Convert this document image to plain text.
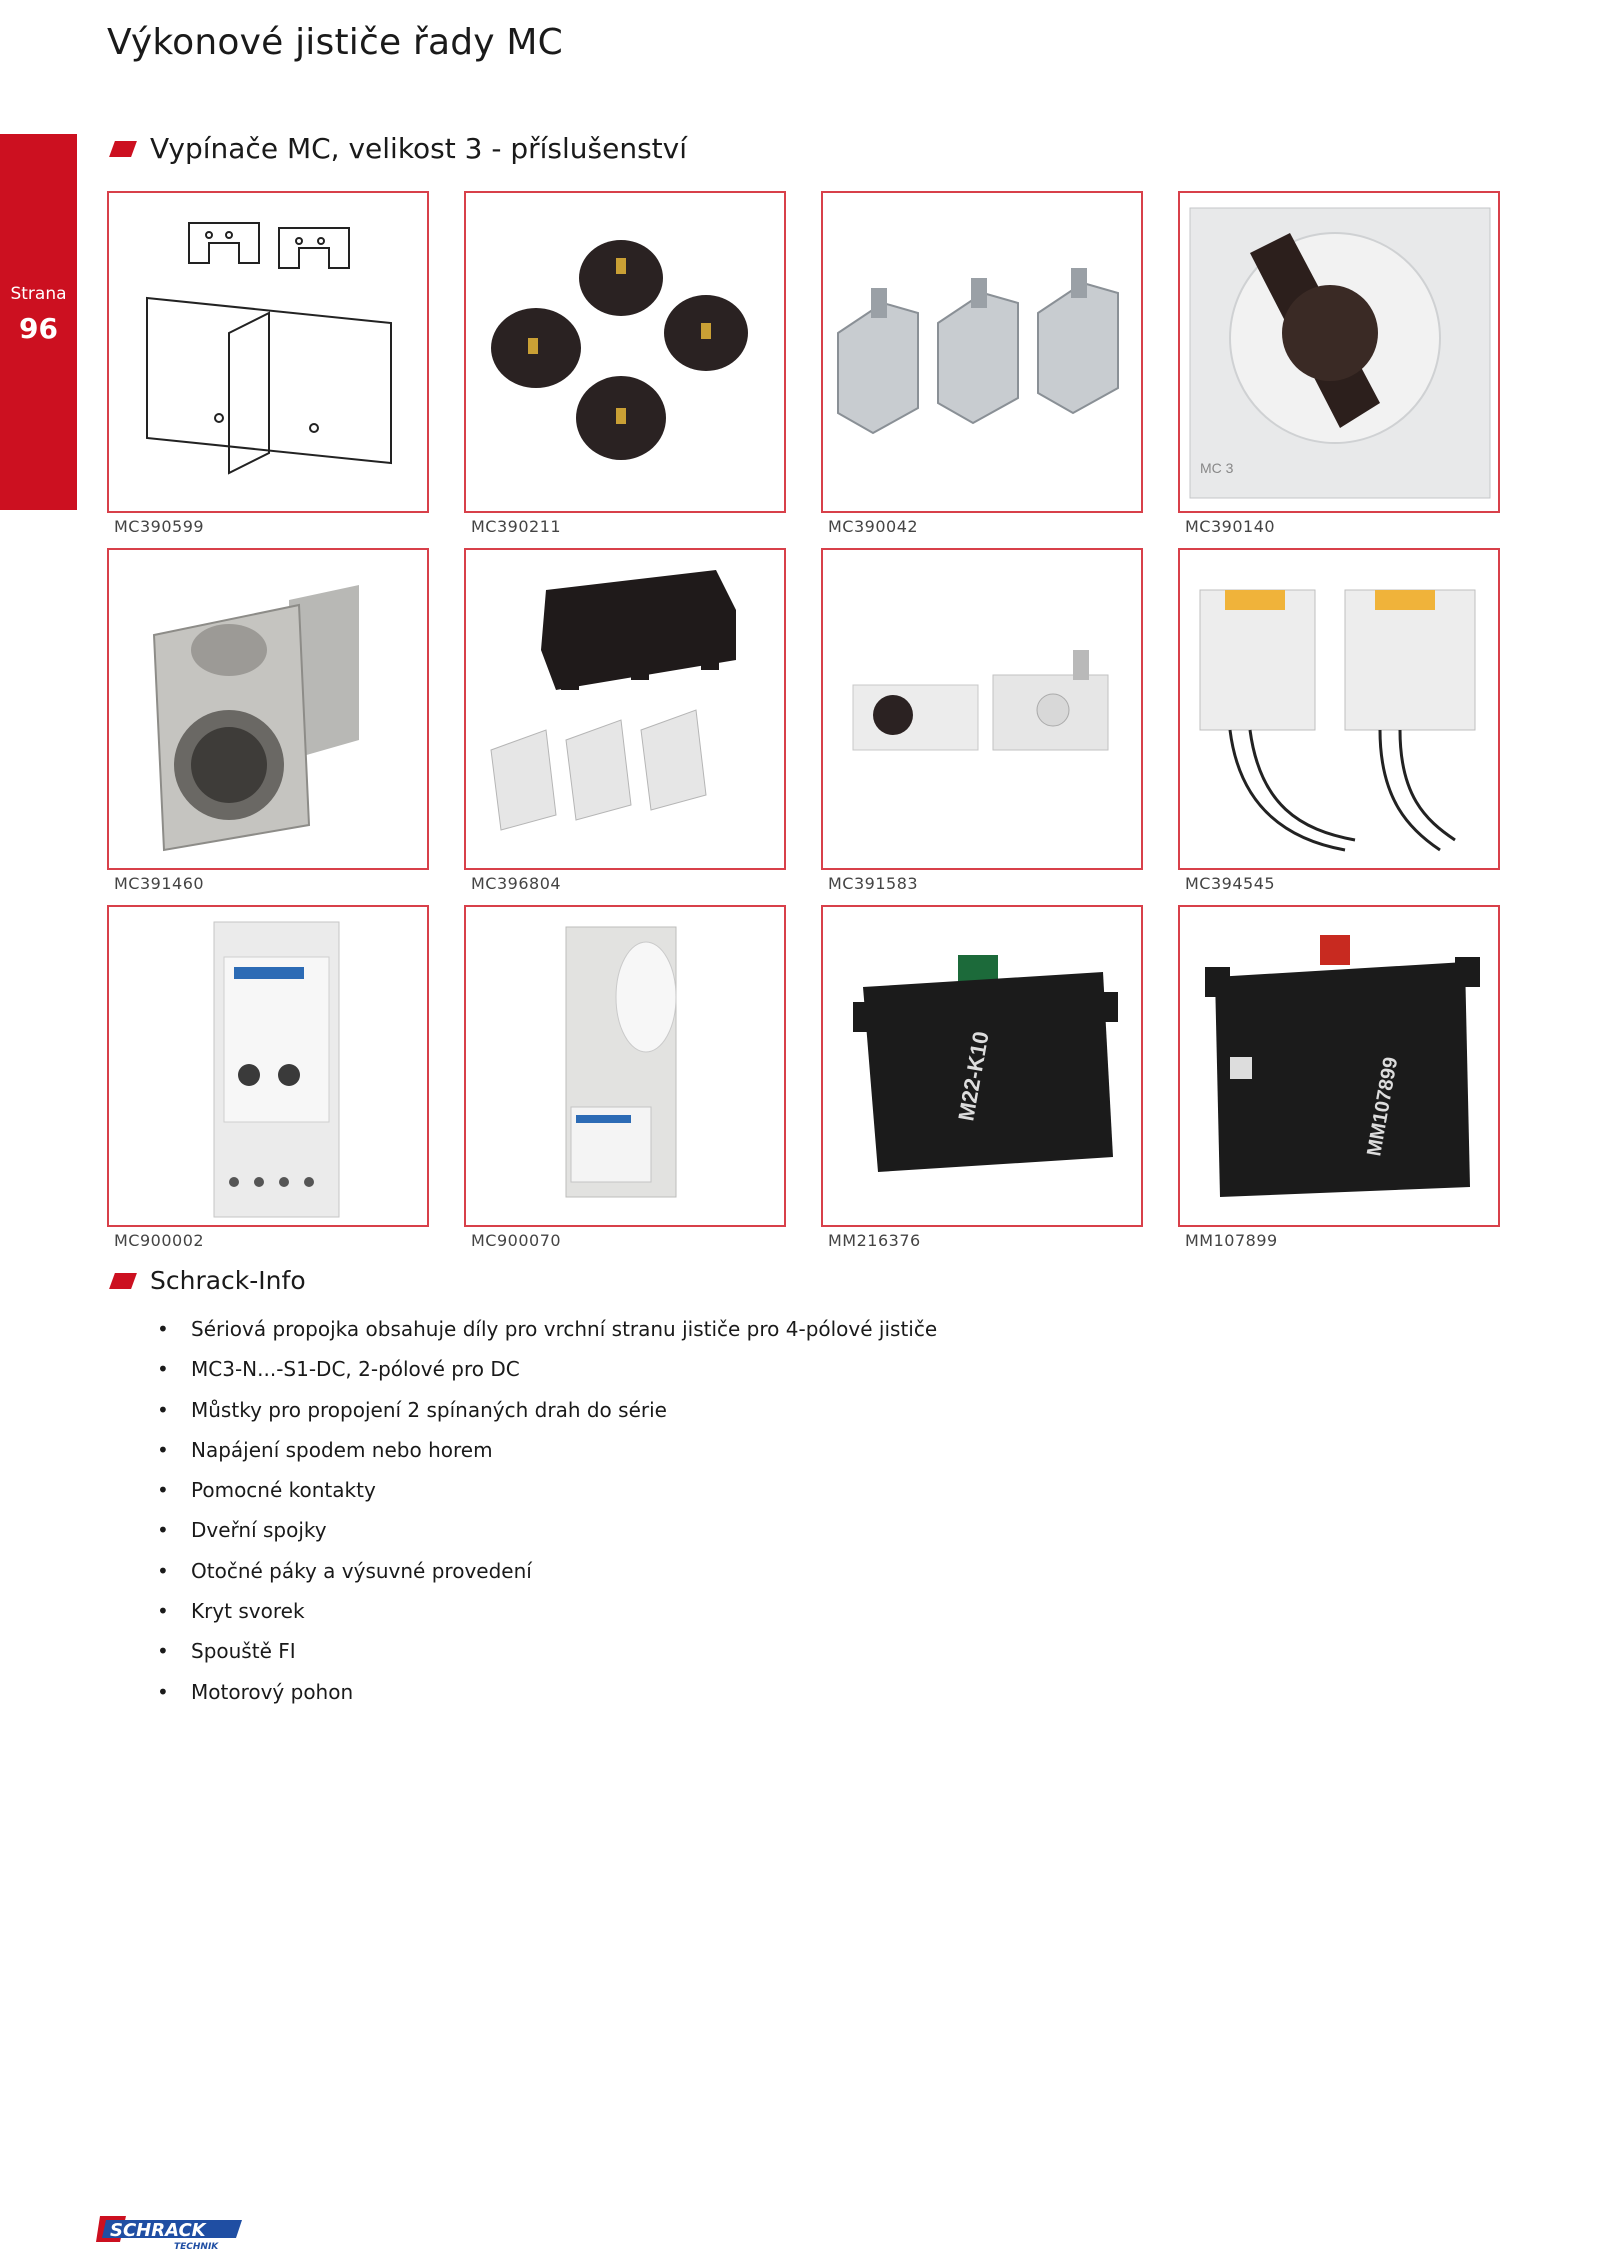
Výkonové jističe řady MC
Strana
96
Vypínače MC, velikost 3 - příslušenství
MC390599	MC390211	MC390042
MC 3
MC390140
MC391460	MC396804	MC391583	MC394545
MC900002	MC900070
M22-K10
MM216376
MM107899
MM107899
Schrack-Info
• Sériová propojka obsahuje díly pro vrchní stranu jističe pro 4-pólové jističe
• MC3-N...-S1-DC, 2-pólové pro DC
• Můstky pro propojení 2 spínaných drah do série
• Napájení spodem nebo horem
• Pomocné kontakty
• Dveřní spojky
• Otočné páky a výsuvné provedení
• Kryt svorek
• Spouště FI
• Motorový pohon
SCHRACK
TECHNIK
